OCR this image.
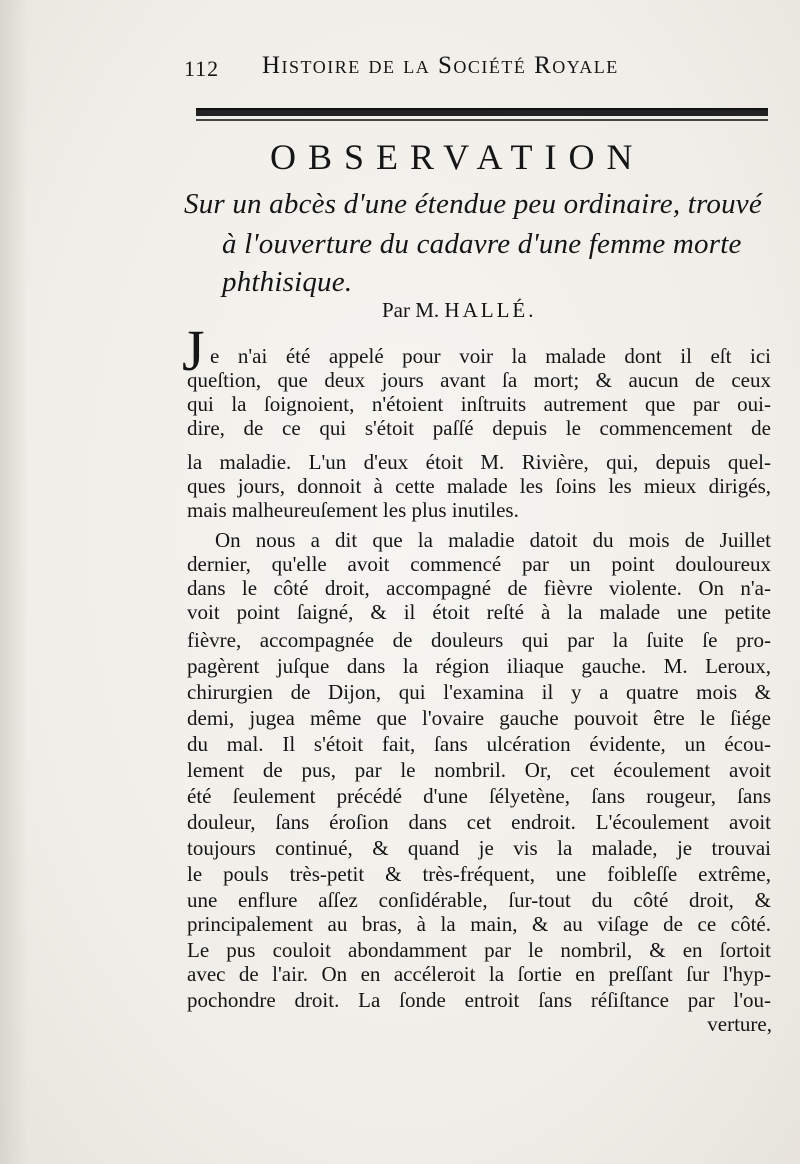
112 Histoire de la Société Royale
OBSERVATION
Sur un abcès d'une étendue peu ordinaire, trouvé
à l'ouverture du cadavre d'une femme morte
phthisique.
Par M. HALLÉ.
J e n'ai été appelé pour voir la malade dont il eſt ici
queſtion, que deux jours avant ſa mort; & aucun de ceux
qui la ſoignoient, n'étoient inſtruits autrement que par oui-
dire, de ce qui s'étoit paſſé depuis le commencement de
la maladie. L'un d'eux étoit M. Rivière, qui, depuis quel-
ques jours, donnoit à cette malade les ſoins les mieux dirigés,
mais malheureuſement les plus inutiles.
On nous a dit que la maladie datoit du mois de Juillet
dernier, qu'elle avoit commencé par un point douloureux
dans le côté droit, accompagné de fièvre violente. On n'a-
voit point ſaigné, & il étoit reſté à la malade une petite
fièvre, accompagnée de douleurs qui par la ſuite ſe pro-
pagèrent juſque dans la région iliaque gauche. M. Leroux,
chirurgien de Dijon, qui l'examina il y a quatre mois &
demi, jugea même que l'ovaire gauche pouvoit être le ſiége
du mal. Il s'étoit fait, ſans ulcération évidente, un écou-
lement de pus, par le nombril. Or, cet écoulement avoit
été ſeulement précédé d'une ſélyetène, ſans rougeur, ſans
douleur, ſans éroſion dans cet endroit. L'écoulement avoit
toujours continué, & quand je vis la malade, je trouvai
le pouls très-petit & très-fréquent, une foibleſſe extrême,
une enflure aſſez conſidérable, ſur-tout du côté droit, &
principalement au bras, à la main, & au viſage de ce côté.
Le pus couloit abondamment par le nombril, & en ſortoit
avec de l'air. On en accéleroit la ſortie en preſſant ſur l'hyp-
pochondre droit. La ſonde entroit ſans réſiſtance par l'ou-
verture,
